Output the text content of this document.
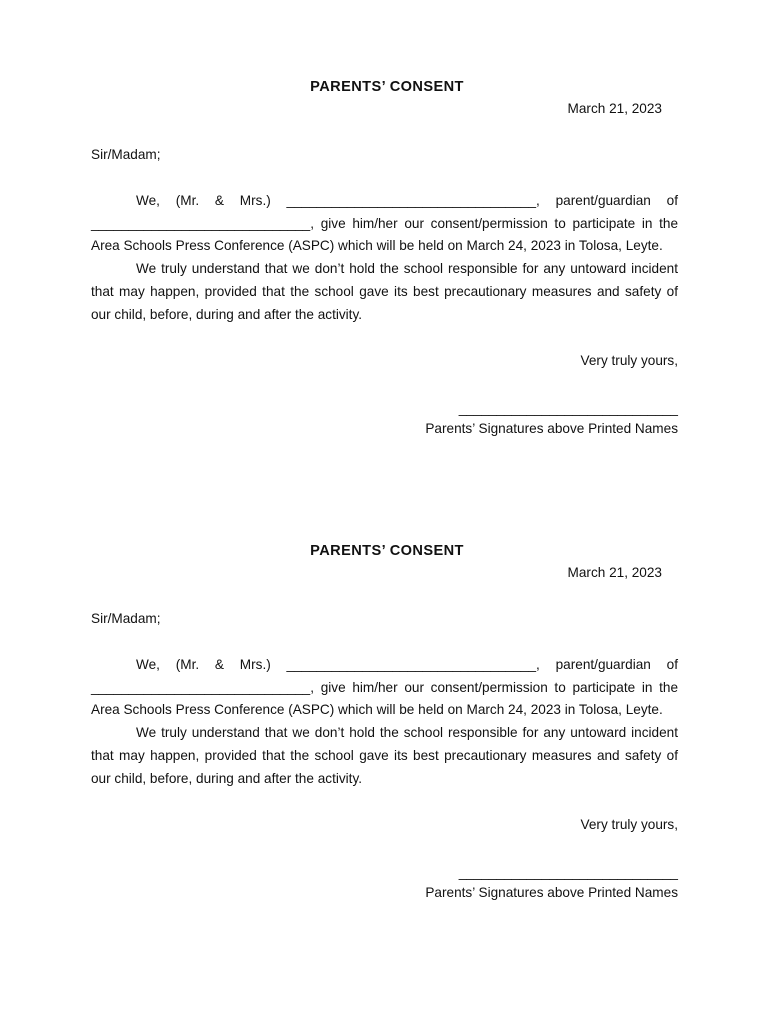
PARENTS’ CONSENT
March 21, 2023
Sir/Madam;
We, (Mr. & Mrs.) _________________________________, parent/guardian of _____________________________, give him/her our consent/permission to participate in the Area Schools Press Conference (ASPC) which will be held on March 24, 2023 in Tolosa, Leyte.
We truly understand that we don’t hold the school responsible for any untoward incident that may happen, provided that the school gave its best precautionary measures and safety of our child, before, during and after the activity.
Very truly yours,
_____________________________
Parents’ Signatures above Printed Names
PARENTS’ CONSENT
March 21, 2023
Sir/Madam;
We, (Mr. & Mrs.) _________________________________, parent/guardian of _____________________________, give him/her our consent/permission to participate in the Area Schools Press Conference (ASPC) which will be held on March 24, 2023 in Tolosa, Leyte.
We truly understand that we don’t hold the school responsible for any untoward incident that may happen, provided that the school gave its best precautionary measures and safety of our child, before, during and after the activity.
Very truly yours,
_____________________________
Parents’ Signatures above Printed Names
